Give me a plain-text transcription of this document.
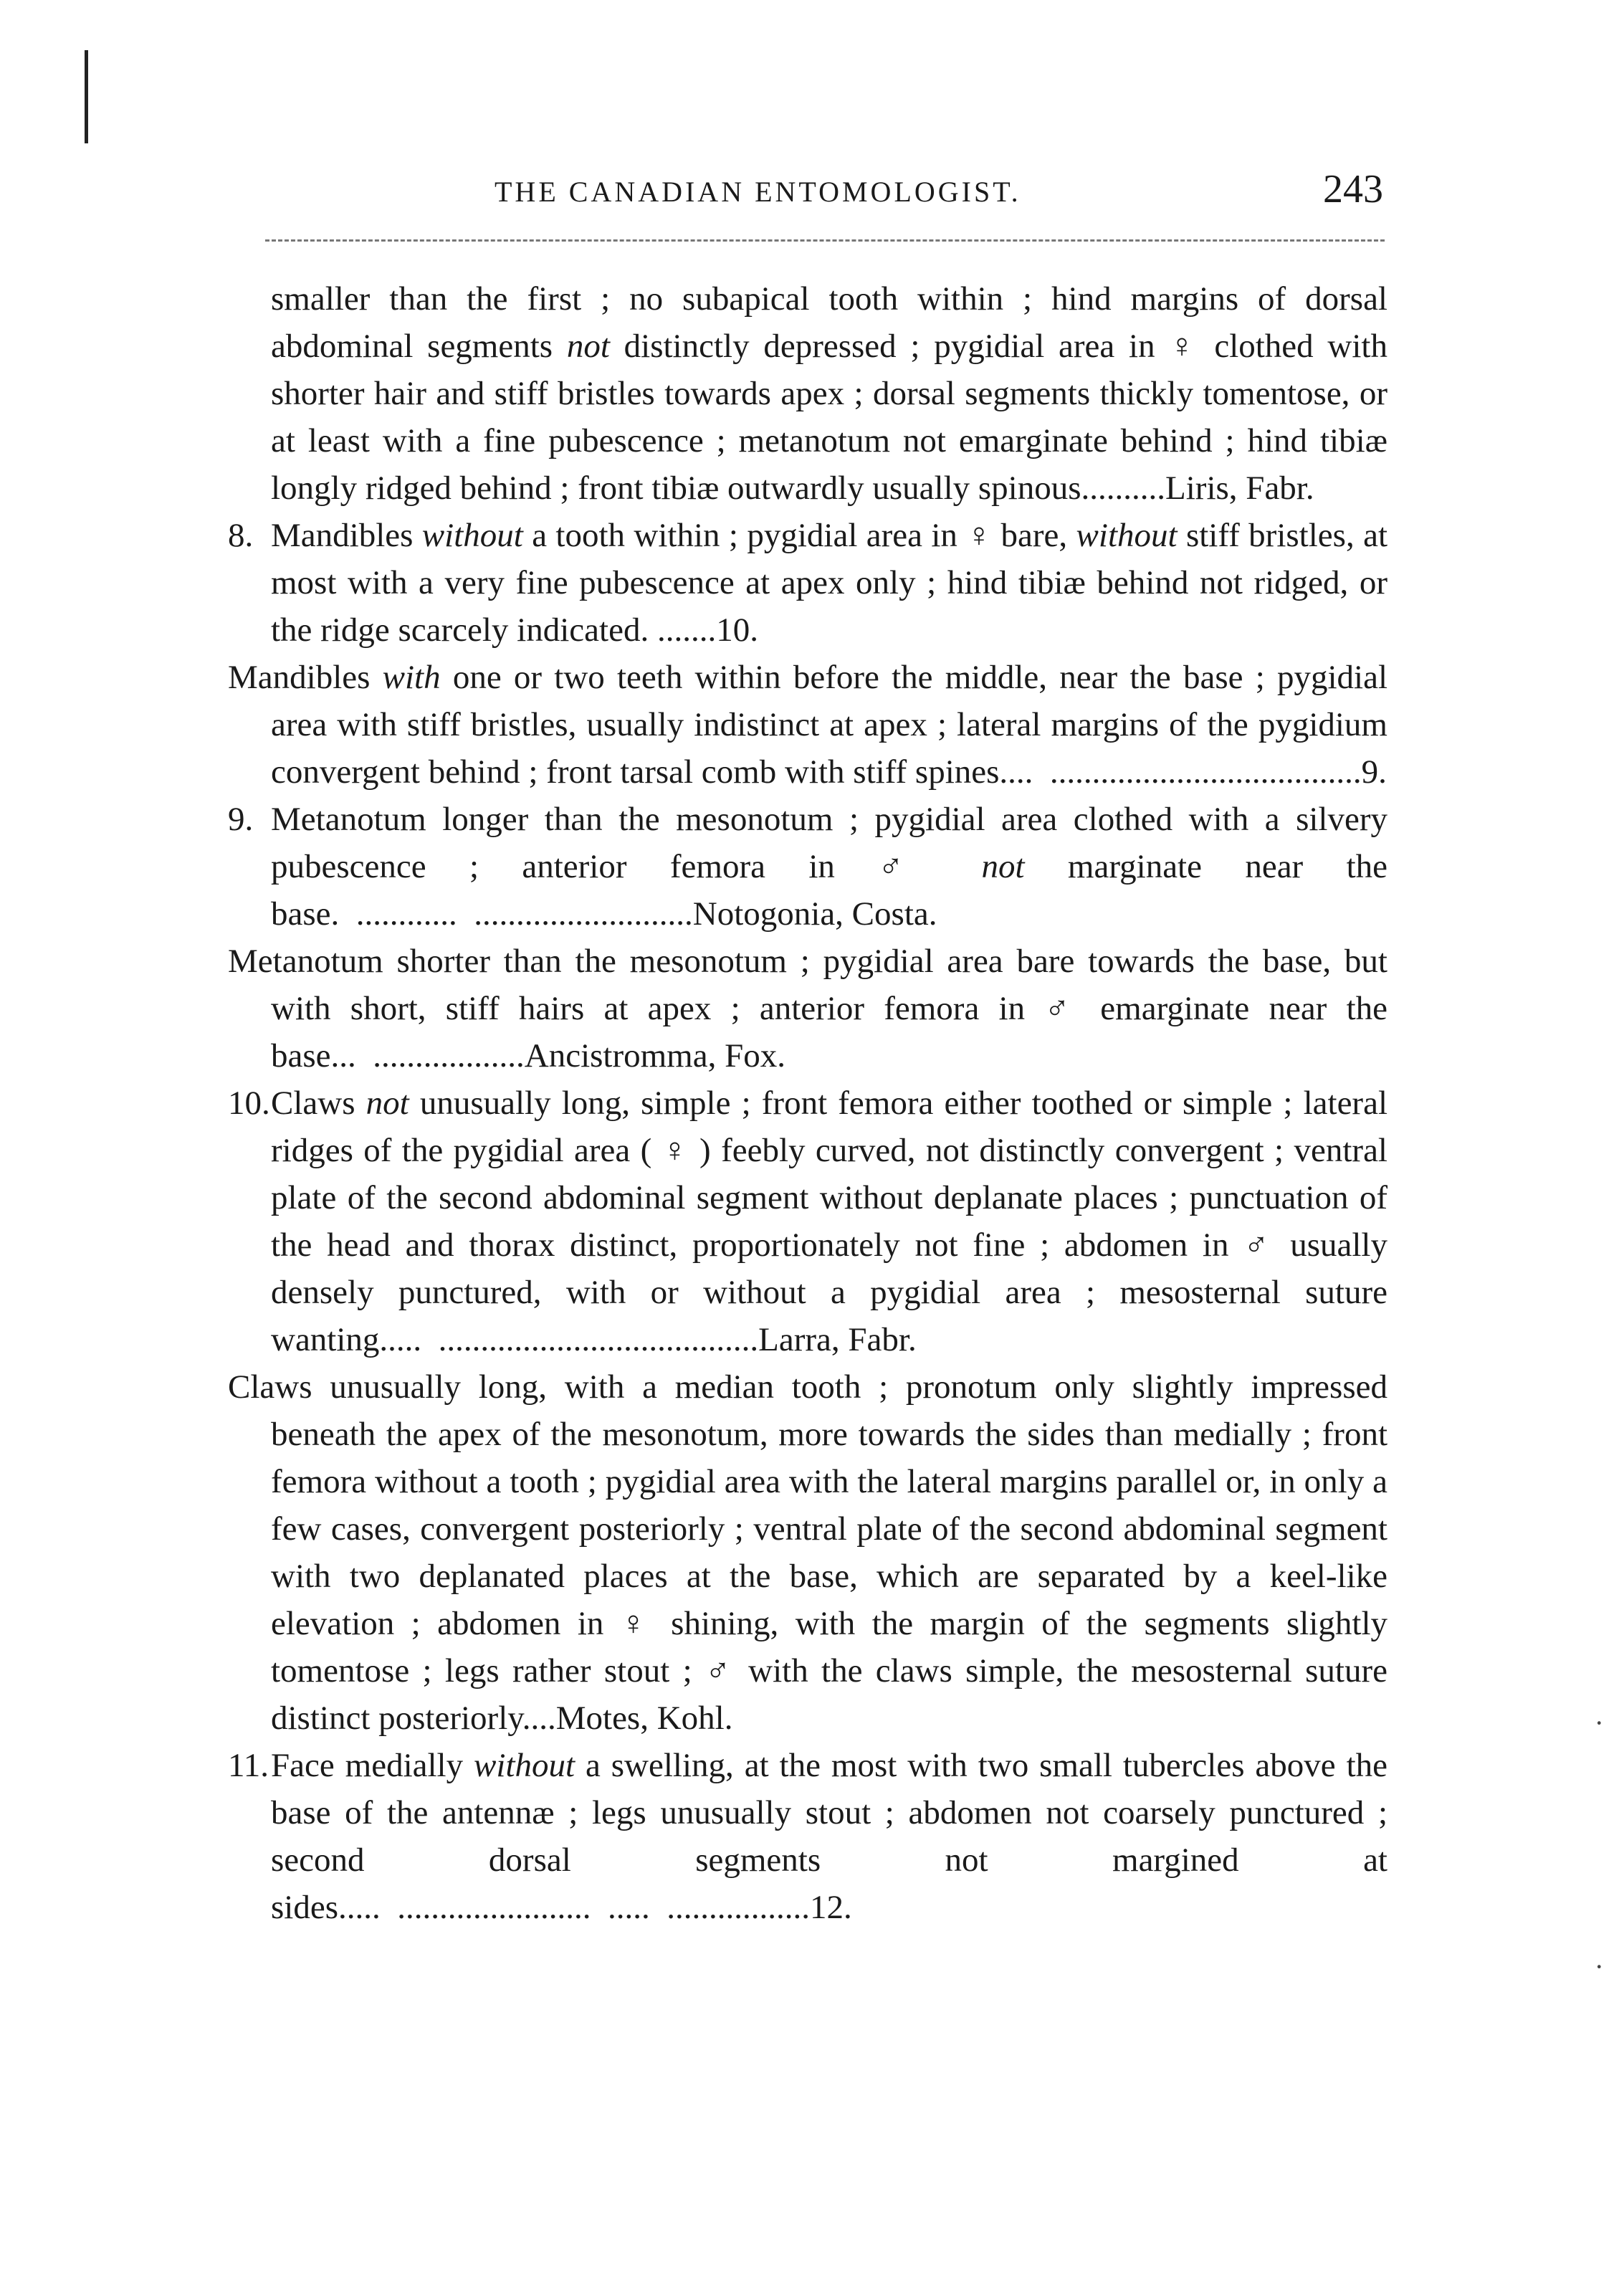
THE CANADIAN ENTOMOLOGIST.	243

smaller than the first ; no subapical tooth within ; hind margins of dorsal abdominal segments not distinctly depressed ; pygidial area in ♀ clothed with shorter hair and stiff bristles towards apex ; dorsal segments thickly tomentose, or at least with a fine pubescence ; metanotum not emarginate behind ; hind tibiæ longly ridged behind ; front tibiæ outwardly usually spinous..........Liris, Fabr.

8. Mandibles without a tooth within ; pygidial area in ♀ bare, without stiff bristles, at most with a very fine pubescence at apex only ; hind tibiæ behind not ridged, or the ridge scarcely indicated. .......10.

Mandibles with one or two teeth within before the middle, near the base ; pygidial area with stiff bristles, usually indistinct at apex ; lateral margins of the pygidium convergent behind ; front tarsal comb with stiff spines....  .....................................9.

9. Metanotum longer than the mesonotum ; pygidial area clothed with a silvery pubescence ; anterior femora in ♂ not marginate near the base.  ............  ..........................Notogonia, Costa.

Metanotum shorter than the mesonotum ; pygidial area bare towards the base, but with short, stiff hairs at apex ; anterior femora in ♂ emarginate near the base...  ..................Ancistromma, Fox.

10.Claws not unusually long, simple ; front femora either toothed or simple ; lateral ridges of the pygidial area ( ♀ ) feebly curved, not distinctly convergent ; ventral plate of the second abdominal segment without deplanate places ; punctuation of the head and thorax distinct, proportionately not fine ; abdomen in ♂ usually densely punctured, with or without a pygidial area ; mesosternal suture wanting.....  ......................................Larra, Fabr.

Claws unusually long, with a median tooth ; pronotum only slightly impressed beneath the apex of the mesonotum, more towards the sides than medially ; front femora without a tooth ; pygidial area with the lateral margins parallel or, in only a few cases, convergent posteriorly ; ventral plate of the second abdominal segment with two deplanated places at the base, which are separated by a keel-like elevation ; abdomen in ♀ shining, with the margin of the segments slightly tomentose ; legs rather stout ; ♂ with the claws simple, the mesosternal suture distinct posteriorly....Motes, Kohl.

11.Face medially without a swelling, at the most with two small tubercles above the base of the antennæ ; legs unusually stout ; abdomen not coarsely punctured ; second dorsal segments not margined at sides.....  .......................  .....  .................12.

·
·
